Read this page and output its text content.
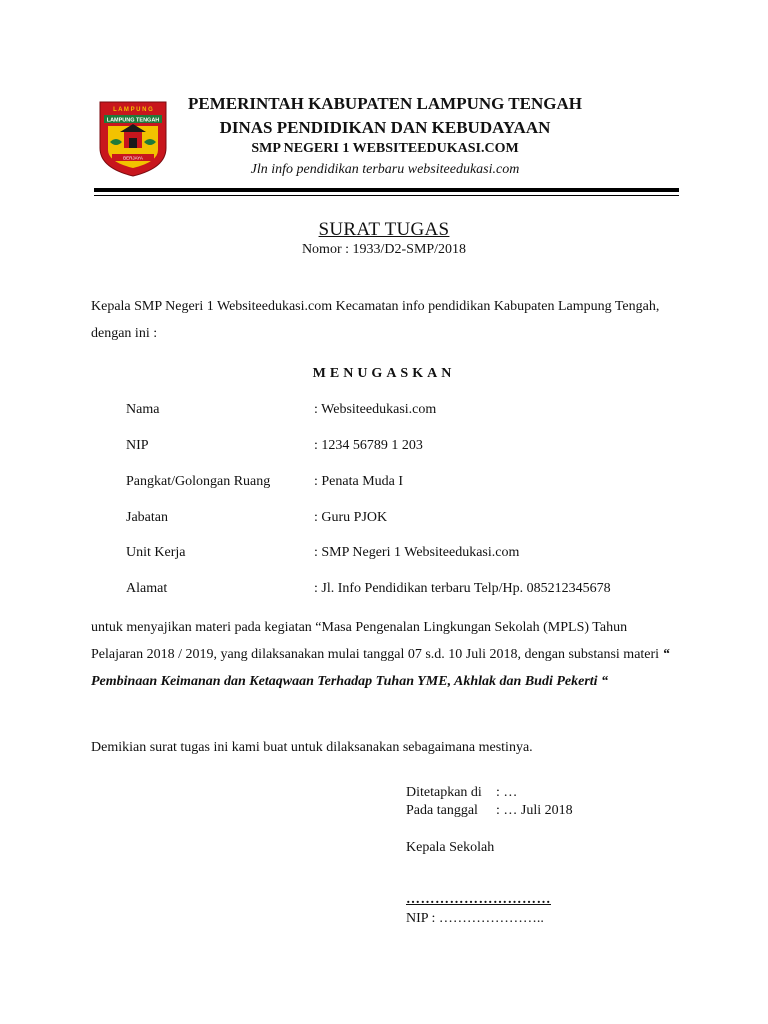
L A M P U N G
LAMPUNG TENGAH
BERJAYA
PEMERINTAH KABUPATEN LAMPUNG TENGAH
DINAS PENDIDIKAN DAN KEBUDAYAAN
SMP NEGERI 1 WEBSITEEDUKASI.COM
Jln info pendidikan terbaru websiteedukasi.com
SURAT TUGAS
Nomor : 1933/D2-SMP/2018
Kepala SMP Negeri 1 Websiteedukasi.com Kecamatan info pendidikan Kabupaten Lampung Tengah, dengan ini :
MENUGASKAN
Nama	: Websiteedukasi.com
NIP	: 1234 56789 1 203
Pangkat/Golongan Ruang	: Penata Muda I
Jabatan	: Guru PJOK
Unit Kerja	: SMP Negeri 1 Websiteedukasi.com
Alamat	: Jl. Info Pendidikan terbaru Telp/Hp. 085212345678
untuk menyajikan materi pada kegiatan “Masa Pengenalan Lingkungan Sekolah (MPLS) Tahun Pelajaran 2018 / 2019, yang dilaksanakan mulai tanggal 07 s.d. 10 Juli 2018, dengan substansi materi “ Pembinaan Keimanan dan Ketaqwaan Terhadap Tuhan YME, Akhlak dan Budi Pekerti “
Demikian surat tugas ini kami buat untuk dilaksanakan sebagaimana mestinya.
Ditetapkan di : …
Pada tanggal : … Juli 2018
Kepala Sekolah
…………………………
NIP : …………………..
